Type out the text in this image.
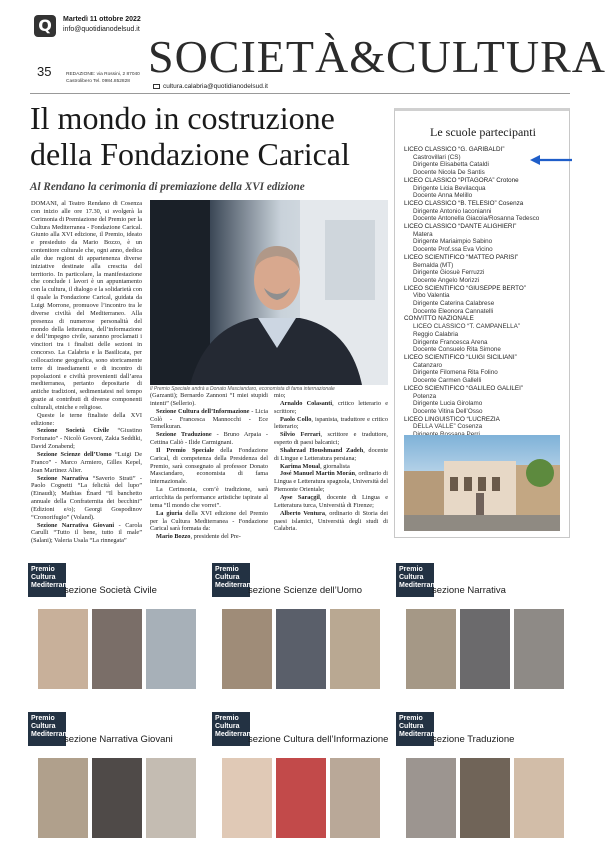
Q	Martedì 11 ottobre 2022
info@quotidianodelsud.it
SOCIETÀ&CULTURA
35	REDAZIONE: via Rossini, 2 87040 Castrolibero Tel. 0984.852828
cultura.calabria@quotidianodelsud.it
Il mondo in costruzione della Fondazione Carical
Al Rendano la cerimonia di premiazione della XVI edizione

DOMANI, al Teatro Rendano di Cosenza con inizio alle ore 17.30, si svolgerà la Cerimonia di Premiazione del Premio per la Cultura Mediterranea - Fondazione Carical. Giunto alla XVI edizione, il Premio, ideato e presieduto da Mario Bozzo, è un contenitore culturale che, ogni anno, dedica alle due regioni di appartenenza diverse iniziative destinate alla crescita del territorio. In particolare, la manifestazione che conclude i lavori è un appuntamento con la cultura, il dialogo e la solidarietà con il quale la Fondazione Carical, guidata da Luigi Morrone, promuove l’incontro tra le diverse civiltà del Mediterraneo. Alla presenza di numerose personalità del mondo della letteratura, dell’informazione e dell’impegno civile, saranno proclamati i vincitori tra i finalisti delle sezioni in concorso. La Calabria e la Basilicata, per collocazione geografica, sono storicamente terre di insediamenti e di incontro di popolazioni e civiltà provenienti dall’area mediterranea, pertanto depositarie di antiche tradizioni, sedimentatesi nel tempo grazie ai contributi di diverse componenti culturali, etniche e religiose.

Queste le terne finaliste della XVI edizione:

Sezione Società Civile “Giustino Fortunato” - Nicolò Govoni, Zakia Seddiki, David Zonabend;

Sezione Scienze dell’Uomo “Luigi De Franco” - Marco Armiero, Gilles Kepel, Joan Martinez Alier.

Sezione Narrativa “Saverio Strati” - Paolo Cognetti “La felicità del lupo” (Einaudi); Mathias Énard “Il banchetto annuale della Confraternita dei becchini” (Edizioni e/o); Georgi Gospodinov “Cronorifugio” (Voland).

Sezione Narrativa Giovani - Carola Carulli “Tutto il bene, tutto il male” (Salani); Valeria Usala “La rinnegata”

Il Premio Speciale andrà a Donato Masciandaro, economista di fama internazionale

(Garzanti); Bernardo Zannoni “I miei stupidi intenti” (Sellerio).

Sezione Cultura dell’Informazione - Licia Colò - Francesca Mannocchi - Ece Temelkuran.

Sezione Traduzione - Bruno Arpaia - Cettina Caliò - Ilide Carmignani.

Il Premio Speciale della Fondazione Carical, di competenza della Presidenza del Premio, sarà consegnato al professor Donato Masciandaro, economista di fama internazionale.

La Cerimonia, com’è tradizione, sarà arricchita da performance artistiche ispirate al tema “Il mondo che vorrei”.

La giuria della XVI edizione del Premio per la Cultura Mediterranea - Fondazione Carical sarà formata da:

Mario Bozzo, presidente del Pre-

mio;

Arnaldo Colasanti, critico letterario e scrittore;

Paolo Collo, ispanista, traduttore e critico letterario;

Silvio Ferrari, scrittore e traduttore, esperto di paesi balcanici;

Shahrzad Houshmand Zadeh, docente di Lingue e Letteratura persiana;

Karima Moual, giornalista

José Manuel Martin Morán, ordinario di Lingua e Letteratura spagnola, Università del Piemonte Orientale;

Ayse Saraçgil, docente di Lingua e Letteratura turca, Università di Firenze;

Alberto Ventura, ordinario di Storia dei paesi islamici, Università degli studi di Calabria.

Le scuole partecipanti
LICEO CLASSICO “G. GARIBALDI”
Castrovillari (CS)
Dirigente Elisabetta Cataldi
Docente Nicola De Santis
LICEO CLASSICO “PITAGORA” Crotone
Dirigente Licia Bevilacqua
Docente Anna Melillo
LICEO CLASSICO “B. TELESIO” Cosenza
Dirigente Antonio Iaconianni
Docente Antonella Giacoia/Rosanna Tedesco
LICEO CLASSICO “DANTE ALIGHIERI”
Matera
Dirigente Mariaimpio Sabino
Docente Prof.ssa Eva Vicino
LICEO SCIENTIFICO “MATTEO PARISI”
Bernalda (MT)
Dirigente Giosuè Ferruzzi
Docente Angelo Morizzi
LICEO SCIENTIFICO “GIUSEPPE BERTO”
Vibo Valentia
Dirigente Caterina Calabrese
Docente Eleonora Cannatelli
CONVITTO NAZIONALE
LICEO CLASSICO “T. CAMPANELLA”
Reggio Calabria
Dirigente Francesca Arena
Docente Consuelo Rita Simone
LICEO SCIENTIFICO “LUIGI SICILIANI”
Catanzaro
Dirigente Filomena Rita Folino
Docente Carmen Gallelli
LICEO SCIENTIFICO “GALILEO GALILEI”
Potenza
Dirigente Lucia Girolamo
Docente Vitina Dell’Osso
LICEO LINGUISTICO “LUCREZIA
DELLA VALLE” Cosenza
Premio Cultura Mediterranea
sezione Società Civile
Premio Cultura Mediterranea
sezione Scienze dell’Uomo
Premio Cultura Mediterranea
sezione Narrativa
Premio Cultura Mediterranea
sezione Narrativa Giovani
Premio Cultura Mediterranea
sezione Cultura dell’Informazione
Premio Cultura Mediterranea
sezione Traduzione
